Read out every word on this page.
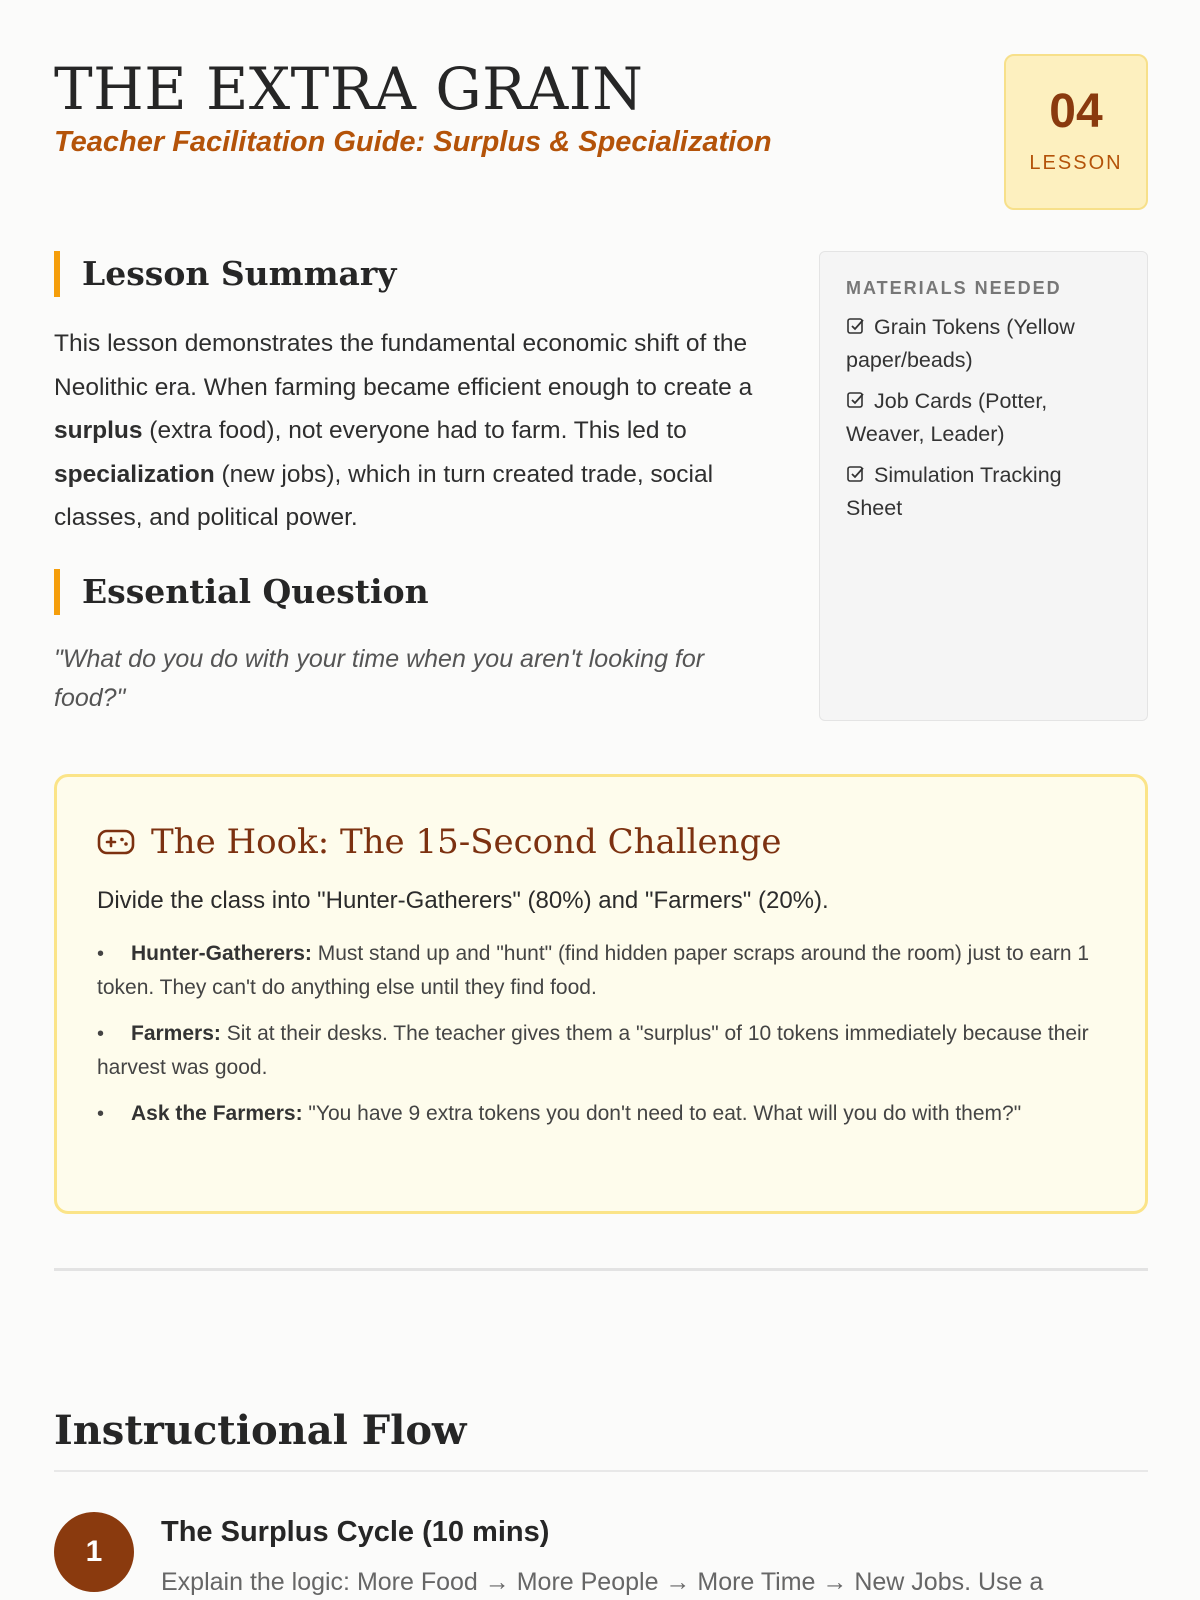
THE EXTRA GRAIN
Teacher Facilitation Guide: Surplus & Specialization
04
LESSON
Lesson Summary

This lesson demonstrates the fundamental economic shift of the Neolithic era. When farming became efficient enough to create a surplus (extra food), not everyone had to farm. This led to specialization (new jobs), which in turn created trade, social classes, and political power.

Essential Question

"What do you do with your time when you aren't looking for food?"

MATERIALS NEEDED
Grain Tokens (Yellow paper/beads)
Job Cards (Potter, Weaver, Leader)
Simulation Tracking Sheet
The Hook: The 15-Second Challenge

Divide the class into "Hunter-Gatherers" (80%) and "Farmers" (20%).

• Hunter-Gatherers: Must stand up and "hunt" (find hidden paper scraps around the room) just to earn 1 token. They can't do anything else until they find food.
• Farmers: Sit at their desks. The teacher gives them a "surplus" of 10 tokens immediately because their harvest was good.
• Ask the Farmers: "You have 9 extra tokens you don't need to eat. What will you do with them?"
Instructional Flow
1
The Surplus Cycle (10 mins)
Explain the logic: More Food → More People → More Time → New Jobs. Use a
